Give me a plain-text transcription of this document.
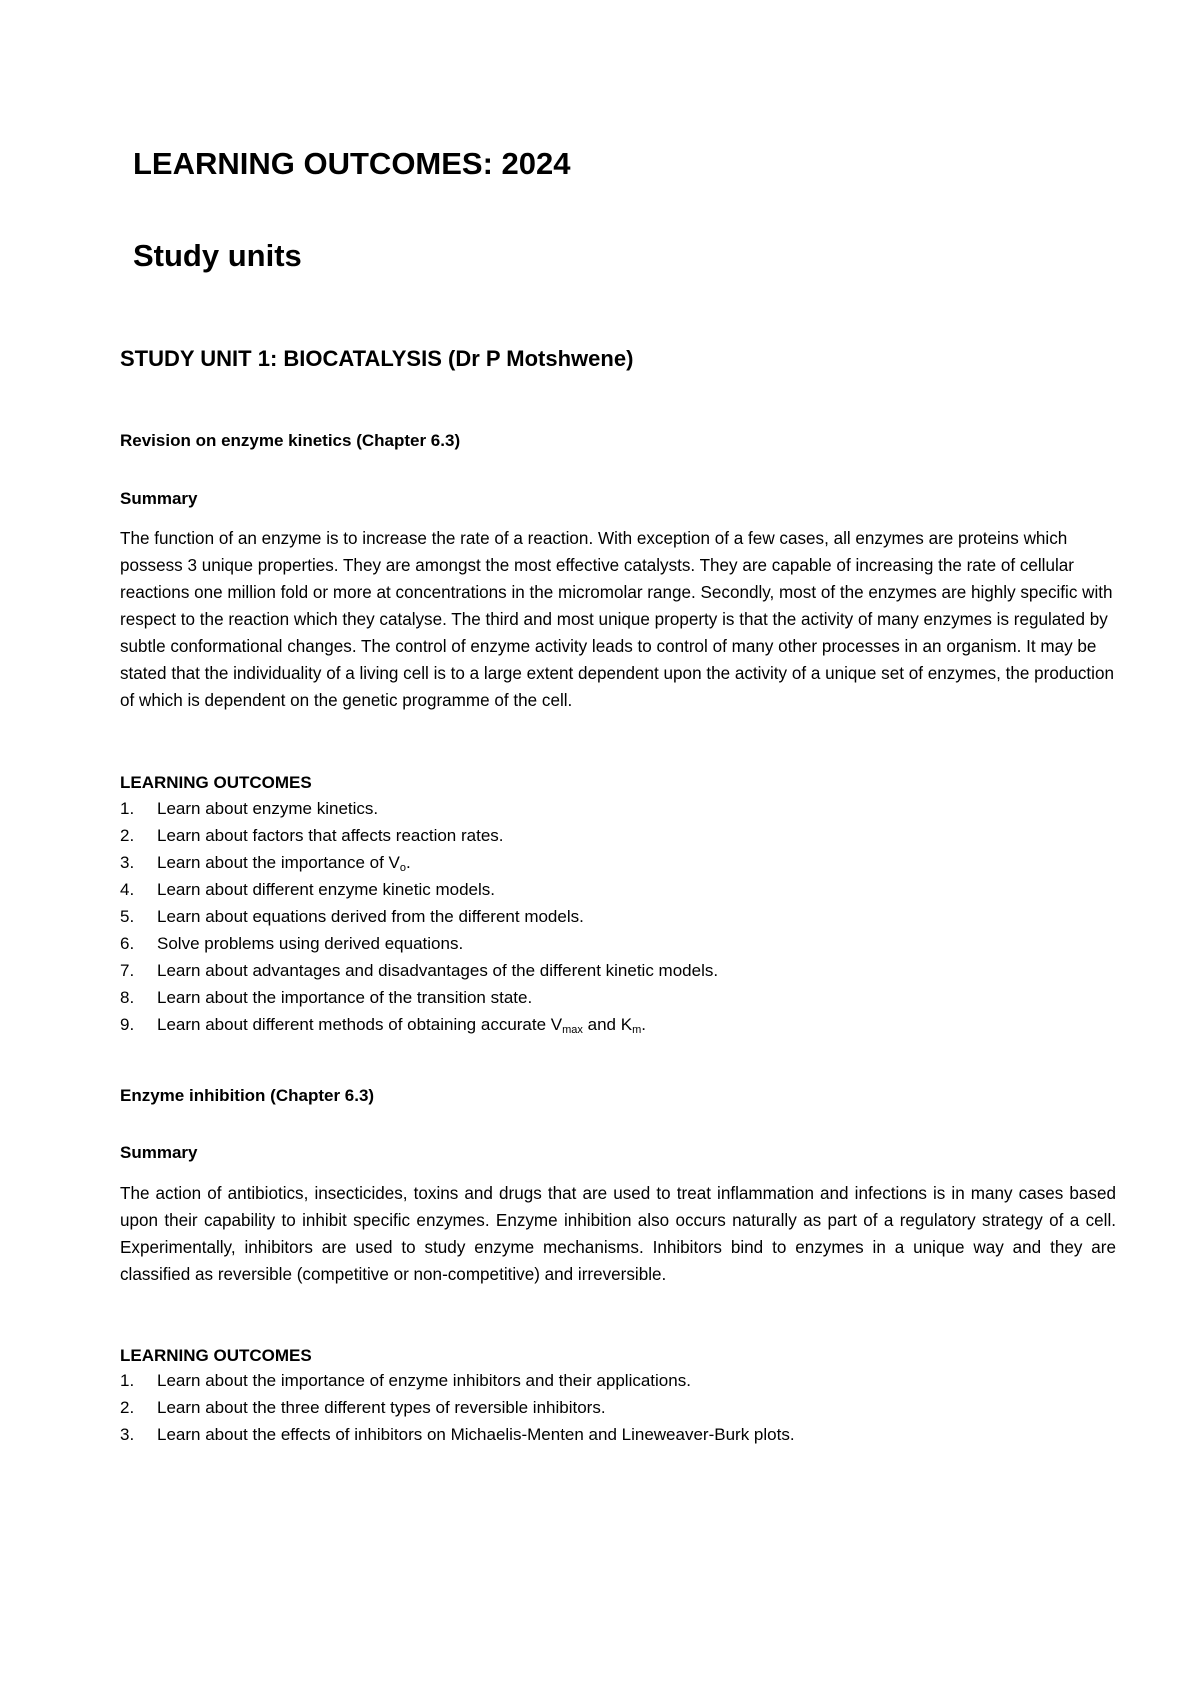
LEARNING OUTCOMES: 2024
Study units
STUDY UNIT 1: BIOCATALYSIS (Dr P Motshwene)
Revision on enzyme kinetics (Chapter 6.3)
Summary

The function of an enzyme is to increase the rate of a reaction. With exception of a few cases, all enzymes are proteins which possess 3 unique properties. They are amongst the most effective catalysts. They are capable of increasing the rate of cellular reactions one million fold or more at concentrations in the micromolar range. Secondly, most of the enzymes are highly specific with respect to the reaction which they catalyse. The third and most unique property is that the activity of many enzymes is regulated by subtle conformational changes. The control of enzyme activity leads to control of many other processes in an organism. It may be stated that the individuality of a living cell is to a large extent dependent upon the activity of a unique set of enzymes, the production of which is dependent on the genetic programme of the cell.

LEARNING OUTCOMES
1.	Learn about enzyme kinetics.
2.	Learn about factors that affects reaction rates.
3.	Learn about the importance of $V_o$.
4.	Learn about different enzyme kinetic models.
5.	Learn about equations derived from the different models.
6.	Solve problems using derived equations.
7.	Learn about advantages and disadvantages of the different kinetic models.
8.	Learn about the importance of the transition state.
9.	Learn about different methods of obtaining accurate $V_{max}$ and $K_m$.
Enzyme inhibition (Chapter 6.3)
Summary

The action of antibiotics, insecticides, toxins and drugs that are used to treat inflammation and infections is in many cases based upon their capability to inhibit specific enzymes. Enzyme inhibition also occurs naturally as part of a regulatory strategy of a cell. Experimentally, inhibitors are used to study enzyme mechanisms. Inhibitors bind to enzymes in a unique way and they are classified as reversible (competitive or non-competitive) and irreversible.

LEARNING OUTCOMES
1.	Learn about the importance of enzyme inhibitors and their applications.
2.	Learn about the three different types of reversible inhibitors.
3.	Learn about the effects of inhibitors on Michaelis-Menten and Lineweaver-Burk plots.
